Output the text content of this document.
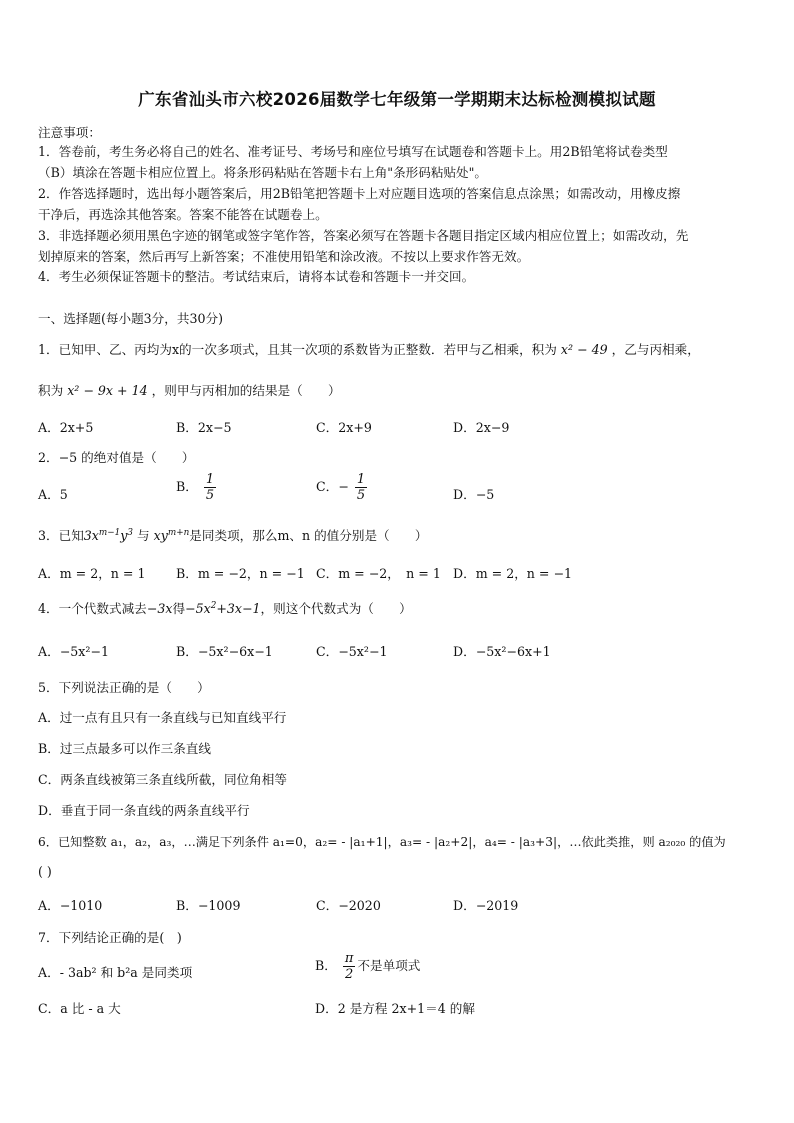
广东省汕头市六校2026届数学七年级第一学期期末达标检测模拟试题
注意事项：
1．答卷前，考生务必将自己的姓名、准考证号、考场号和座位号填写在试题卷和答题卡上。用2B铅笔将试卷类型
（B）填涂在答题卡相应位置上。将条形码粘贴在答题卡右上角"条形码粘贴处"。
2．作答选择题时，选出每小题答案后，用2B铅笔把答题卡上对应题目选项的答案信息点涂黑；如需改动，用橡皮擦
干净后，再选涂其他答案。答案不能答在试题卷上。
3．非选择题必须用黑色字迹的钢笔或签字笔作答，答案必须写在答题卡各题目指定区域内相应位置上；如需改动，先
划掉原来的答案，然后再写上新答案；不准使用铅笔和涂改液。不按以上要求作答无效。
4．考生必须保证答题卡的整洁。考试结束后，请将本试卷和答题卡一并交回。
一、选择题(每小题3分，共30分)
1．已知甲、乙、丙均为x的一次多项式，且其一次项的系数皆为正整数．若甲与乙相乘，积为 x² − 49 ，乙与丙相乘，
积为 x² − 9x + 14 ，则甲与丙相加的结果是（　　）
A．2x+5	B．2x−5	C．2x+9	D．2x−9
2．−5 的绝对值是（　　）
A．5
B． $\frac{1}{5}$	C．− $\frac{1}{5}$	D．−5
3．已知$3x^{m-1}y^3$ 与 $xy^{m+n}$是同类项，那么m、n 的值分别是（　　）
A．m = 2，n = 1 B．m = −2，n = −1 C．m = −2，　n = 1 D．m = 2，n = −1
4．一个代数式减去−3x得$-5x^2+3x-1$，则这个代数式为（　　）
A．−5x²−1	B．−5x²−6x−1	C．−5x²−1	D．−5x²−6x+1
5．下列说法正确的是（　　）
A．过一点有且只有一条直线与已知直线平行
B．过三点最多可以作三条直线
C．两条直线被第三条直线所截，同位角相等
D．垂直于同一条直线的两条直线平行
6．已知整数 a₁，a₂，a₃，…满足下列条件 a₁=0，a₂= - |a₁+1|，a₃= - |a₂+2|，a₄= - |a₃+3|，…依此类推，则 a₂₀₂₀ 的值为
( )
A．−1010	B．−1009	C．−2020	D．−2019
7．下列结论正确的是(　)
A．- 3ab² 和 b²a 是同类项	B． $\frac{\pi}{2}$ 不是单项式
C．a 比 - a 大	D．2 是方程 2x+1＝4 的解
